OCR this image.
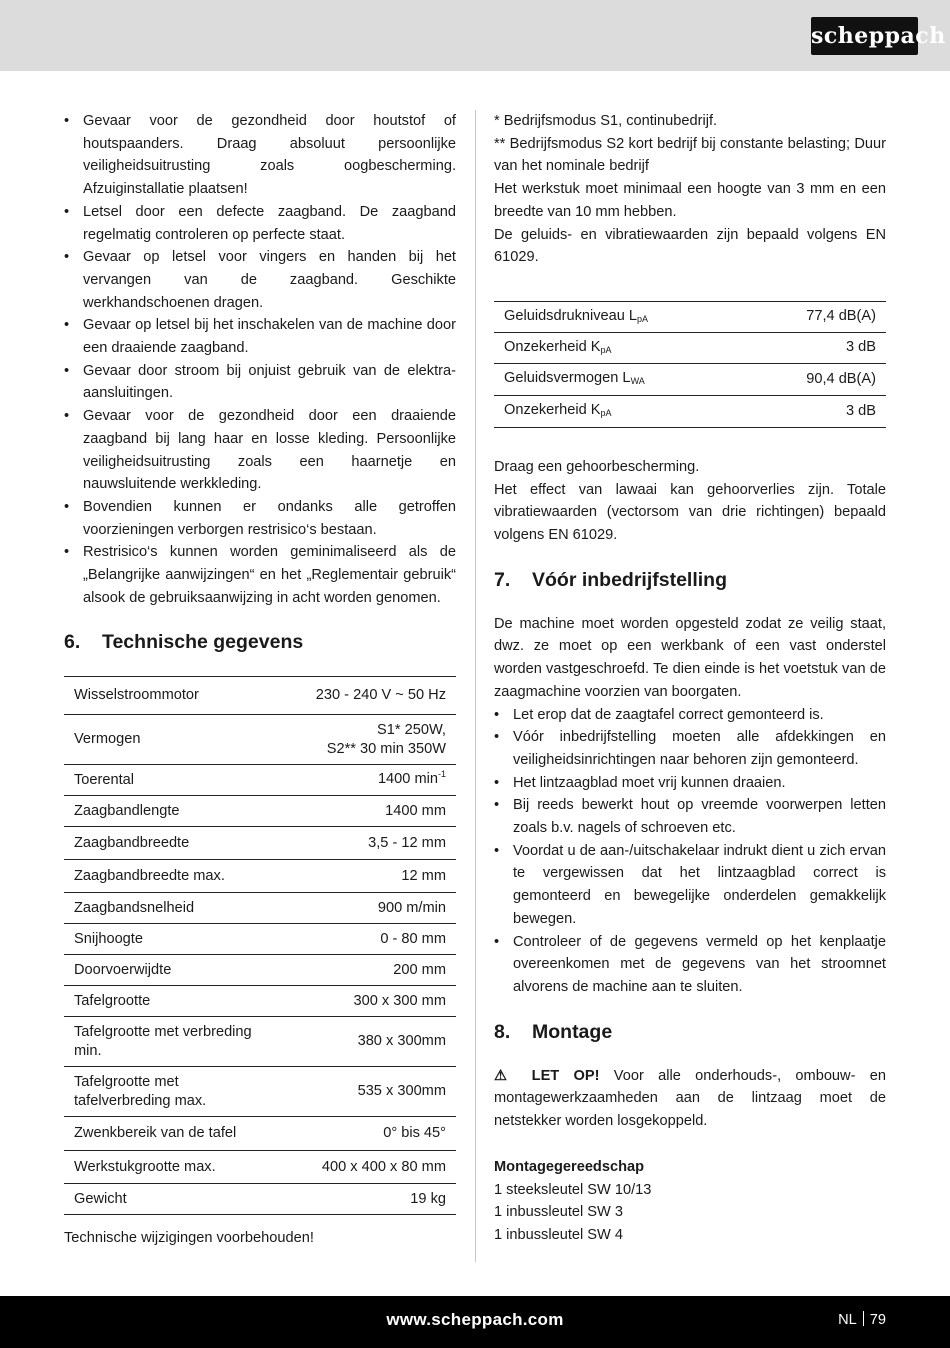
scheppach
• Gevaar voor de gezondheid door houtstof of houtspaanders. Draag absoluut persoonlijke veiligheidsuitrusting zoals oogbescherming. Afzuiginstallatie plaatsen!
• Letsel door een defecte zaagband. De zaagband regelmatig controleren op perfecte staat.
• Gevaar op letsel voor vingers en handen bij het vervangen van de zaagband. Geschikte werkhandschoenen dragen.
• Gevaar op letsel bij het inschakelen van de machine door een draaiende zaagband.
• Gevaar door stroom bij onjuist gebruik van de elektra-aansluitingen.
• Gevaar voor de gezondheid door een draaiende zaagband bij lang haar en losse kleding. Persoonlijke veiligheidsuitrusting zoals een haarnetje en nauwsluitende werkkleding.
• Bovendien kunnen er ondanks alle getroffen voorzieningen verborgen restrisico‘s bestaan.
• Restrisico‘s kunnen worden geminimaliseerd als de „Belangrijke aanwijzingen“ en het „Reglementair gebruik“ alsook de gebruiksaanwijzing in acht worden genomen.
6. Technische gegevens
Wisselstroommotor	230 - 240 V ~ 50 Hz
Vermogen	S1* 250W,
S2** 30 min 350W
Toerental	1400 $\min^{-1}$
Zaagbandlengte	1400 mm
Zaagbandbreedte	3,5 - 12 mm
Zaagbandbreedte max.	12 mm
Zaagbandsnelheid	900 m/min
Snijhoogte	0 - 80 mm
Doorvoerwijdte	200 mm
Tafelgrootte	300 x 300 mm
Tafelgrootte met verbreding min.	380 x 300mm
Tafelgrootte met tafelverbreding max.	535 x 300mm
Zwenkbereik van de tafel	0° bis 45°
Werkstukgrootte max.	400 x 400 x 80 mm
Gewicht	19 kg

Technische wijzigingen voorbehouden!

* Bedrijfsmodus S1, continubedrijf.

** Bedrijfsmodus S2 kort bedrijf bij constante belasting; Duur van het nominale bedrijf

Het werkstuk moet minimaal een hoogte van 3 mm en een breedte van 10 mm hebben.

De geluids- en vibratiewaarden zijn bepaald volgens EN 61029.

Geluidsdrukniveau $L_{pA}$	77,4 dB(A)
Onzekerheid $K_{pA}$	3 dB
Geluidsvermogen $L_{WA}$	90,4 dB(A)
Onzekerheid $K_{pA}$	3 dB

Draag een gehoorbescherming.

Het effect van lawaai kan gehoorverlies zijn. Totale vibratiewaarden (vectorsom van drie richtingen) bepaald volgens EN 61029.

7. Vóór inbedrijfstelling

De machine moet worden opgesteld zodat ze veilig staat, dwz. ze moet op een werkbank of een vast onderstel worden vastgeschroefd. Te dien einde is het voetstuk van de zaagmachine voorzien van boorgaten.

• Let erop dat de zaagtafel correct gemonteerd is.
• Vóór inbedrijfstelling moeten alle afdekkingen en veiligheidsinrichtingen naar behoren zijn gemonteerd.
• Het lintzaagblad moet vrij kunnen draaien.
• Bij reeds bewerkt hout op vreemde voorwerpen letten zoals b.v. nagels of schroeven etc.
• Voordat u de aan-/uitschakelaar indrukt dient u zich ervan te vergewissen dat het lintzaagblad correct is gemonteerd en bewegelijke onderdelen gemakkelijk bewegen.
• Controleer of de gegevens vermeld op het kenplaatje overeenkomen met de gegevens van het stroomnet alvorens de machine aan te sluiten.
8. Montage

⚠ LET OP! Voor alle onderhouds-, ombouw- en montagewerkzaamheden aan de lintzaag moet de netstekker worden losgekoppeld.

Montagegereedschap

1 steeksleutel SW 10/13

1 inbussleutel SW 3

1 inbussleutel SW 4

www.scheppach.com	NL 79
